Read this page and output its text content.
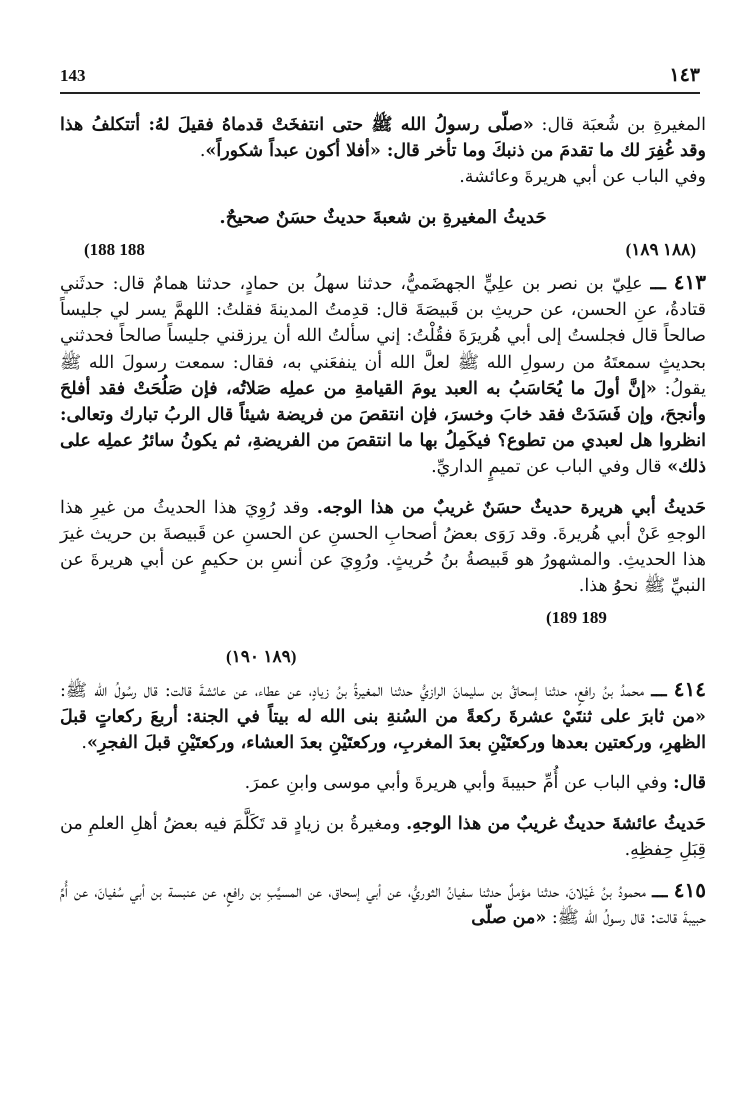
143	١٤٣

المغيرةِ بن شُعبَة قال: «صلّى رسولُ الله ﷺ حتى انتفخَتْ قدماهُ فقيلَ لهُ: أتتكلفُ هذا وقد غُفِرَ لك ما تقدمَ من ذنبكَ وما تأخر قال: «أفلا أكون عبداً شكوراً».

وفي الباب عن أبي هريرةَ وعائشة.

حَديثُ المغيرةِ بن شعبةَ حديثٌ حسَنٌ صحيحٌ.

(188 188	(١٨٨ ١٨٩)

٤١٣ ـــ علِيّ بن نصر بن علِيٍّ الجهضَميُّ، حدثنا سهلُ بن حمادٍ، حدثنا همامٌ قال: حدثَني قتادةُ، عنِ الحسن، عن حريثِ بن قَبيصَةَ قال: قدِمتُ المدينةَ فقلتُ: اللهمَّ يسر لي جليساً صالحاً قال فجلستُ إلى أبي هُريرَةَ فقُلْتُ: إني سألتُ الله أن يرزقني جليساً صالحاً فحدثني بحديثٍ سمعتَهُ من رسولِ الله ﷺ لعلَّ الله أن ينفعَني به، فقال: سمعت رسولَ الله ﷺ يقولُ: «إنَّ أولَ ما يُحَاسَبُ به العبد يومَ القيامةِ من عملِه صَلاتُه، فإن صَلُحَتْ فقد أفلحَ وأنجحَ، وإن فَسَدَتْ فقد خابَ وخسرَ، فإن انتقصَ من فريضة شيئاً قال الربُ تبارك وتعالى: انظروا هل لعبدي من تطوع؟ فيكَمِلُ بها ما انتقصَ من الفريضةِ، ثم يكونُ سائرُ عملِه على ذلك» قال وفي الباب عن تميمٍ الداريِّ.

حَديثُ أبي هريرة حديثٌ حسَنٌ غريبٌ من هذا الوجه. وقد رُوِيَ هذا الحديثُ من غيرِ هذا الوجهِ عَنْ أبي هُريرةَ. وقد رَوَى بعضُ أصحابِ الحسنِ عن الحسنِ عن قَبيصةَ بن حريث غيرَ هذا الحديثِ. والمشهورُ هو قَبيصةُ بنُ حُريثٍ. ورُوِيَ عن أنسِ بن حكيمٍ عن أبي هريرةَ عن النبيِّ ﷺ نحوُ هذا.

(189 189
(١٨٩ ١٩٠)

٤١٤ ـــ محمدُ بنُ رافعٍ، حدثنا إسحاقُ بن سليمانَ الرازيُّ حدثنا المغيرةُ بنُ زيادٍ، عن عطاء، عن عائشةَ قالت: قال رسُولُ الله ﷺ: «من ثابرَ على ثنتَيْ عشرةَ ركعةً من السُنةِ بنى الله له بيتاً في الجنة: أربعَ ركعاتٍ قبلَ الظهرِ، وركعتين بعدها وركعتَيْنِ بعدَ المغربِ، وركعتَيْنِ بعدَ العشاء، وركعتَيْنِ قبلَ الفجرِ».

قال: وفي الباب عن أُمِّ حبيبةَ وأبي هريرةَ وأبي موسى وابنِ عمرَ.

حَديثُ عائشةَ حديثٌ غريبٌ من هذا الوجهِ. ومغيرةُ بن زيادٍ قد تَكَلَّمَ فيه بعضُ أهلِ العلمِ من قِبَلِ حِفظِهِ.

٤١٥ ـــ محمودُ بنُ غَيْلانَ، حدثنا مؤملٌ حدثنا سفيانُ الثوريُّ، عن أبي إسحاق، عن المسيَّبِ بن رافعٍ، عن عنبسة بن أبي سُفيانَ، عن أُمِّ حبيبةَ قالت: قال رسولُ الله ﷺ: «من صلّى
